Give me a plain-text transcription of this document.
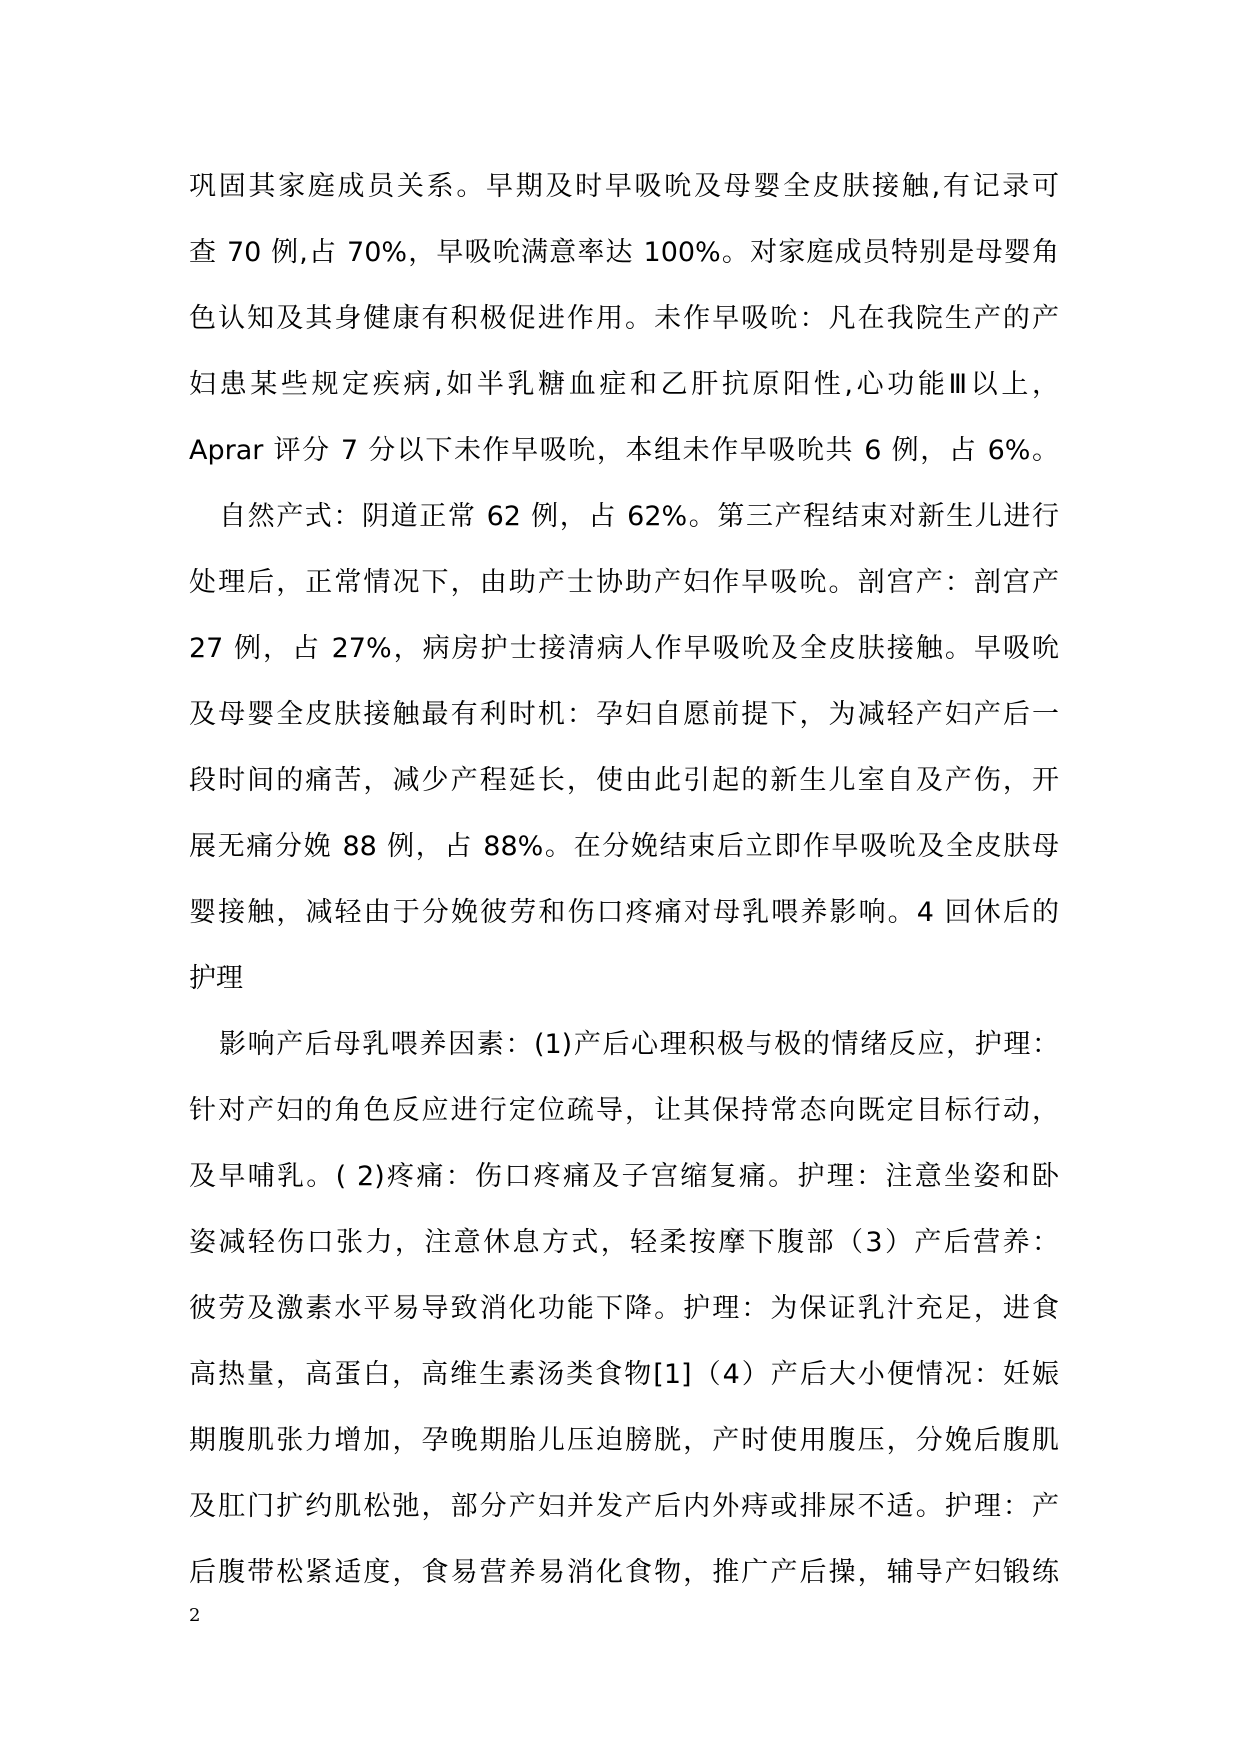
巩固其家庭成员关系。早期及时早吸吮及母婴全皮肤接触,有记录可
查 70 例,占 70%，早吸吮满意率达 100%。对家庭成员特别是母婴角
色认知及其身健康有积极促进作用。未作早吸吮：凡在我院生产的产
妇患某些规定疾病,如半乳糖血症和乙肝抗原阳性,心功能Ⅲ以上，
Aprar 评分 7 分以下未作早吸吮，本组未作早吸吮共 6 例，占 6%。
自然产式：阴道正常 62 例，占 62%。第三产程结束对新生儿进行
处理后，正常情况下，由助产士协助产妇作早吸吮。剖宫产：剖宫产
27 例，占 27%，病房护士接清病人作早吸吮及全皮肤接触。早吸吮
及母婴全皮肤接触最有利时机：孕妇自愿前提下，为减轻产妇产后一
段时间的痛苦，减少产程延长，使由此引起的新生儿室自及产伤，开
展无痛分娩 88 例，占 88%。在分娩结束后立即作早吸吮及全皮肤母
婴接触，减轻由于分娩彼劳和伤口疼痛对母乳喂养影响。4 回休后的
护理
影响产后母乳喂养因素：(1)产后心理积极与极的情绪反应，护理：
针对产妇的角色反应进行定位疏导，让其保持常态向既定目标行动，
及早哺乳。( 2)疼痛：伤口疼痛及子宫缩复痛。护理：注意坐姿和卧
姿减轻伤口张力，注意休息方式，轻柔按摩下腹部（3）产后营养：
彼劳及激素水平易导致消化功能下降。护理：为保证乳汁充足，进食
高热量，高蛋白，高维生素汤类食物[1]（4）产后大小便情况：妊娠
期腹肌张力增加，孕晚期胎儿压迫膀胱，产时使用腹压，分娩后腹肌
及肛门扩约肌松弛，部分产妇并发产后内外痔或排尿不适。护理：产
后腹带松紧适度，食易营养易消化食物，推广产后操，辅导产妇锻练
2
